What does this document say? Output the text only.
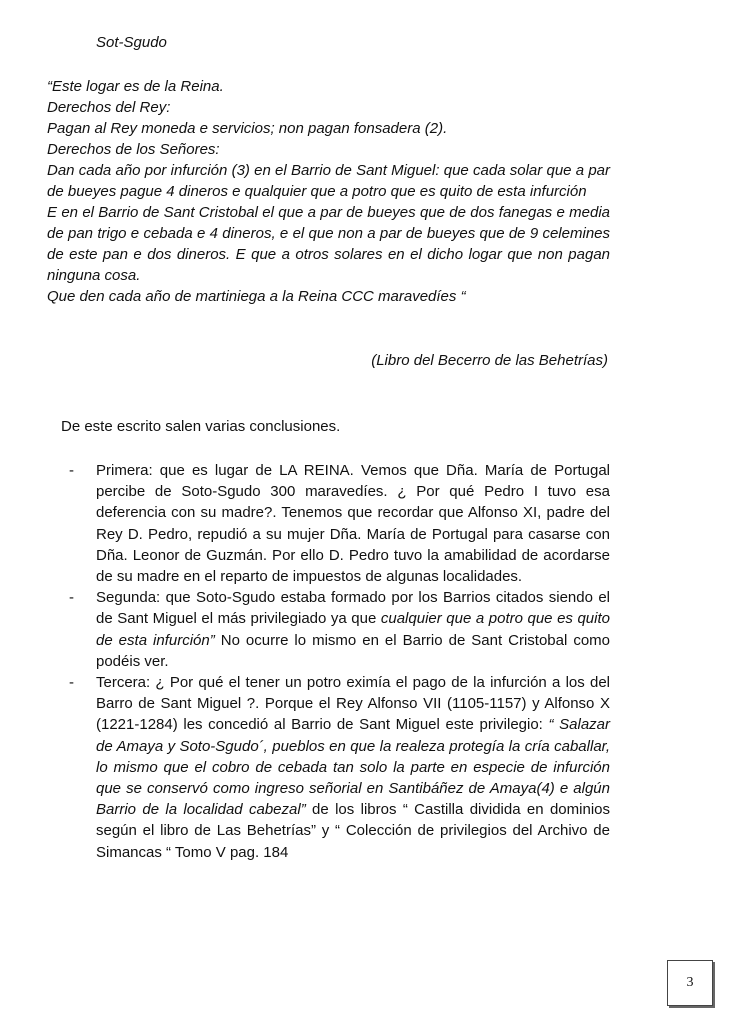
Sot-Sgudo

“Este logar es de la Reina.

Derechos del Rey:

Pagan al Rey moneda e servicios; non pagan fonsadera (2).

Derechos de los Señores:

Dan cada año por infurción (3) en el Barrio de Sant Miguel: que cada solar que a par de bueyes pague 4 dineros e qualquier que a potro que es quito de esta infurción

E en el Barrio de Sant Cristobal el que a par de bueyes que de dos fanegas e media de pan trigo e cebada e 4 dineros, e el que non a par de bueyes que de 9 celemines de este pan e dos dineros. E que a otros solares en el dicho logar que non pagan ninguna cosa.

Que den cada año de martiniega a la Reina CCC maravedíes “

(Libro del Becerro de las Behetrías)
De este escrito salen varias conclusiones.
- Primera: que es lugar de LA REINA. Vemos que Dña. María de Portugal percibe de Soto-Sgudo 300 maravedíes. ¿ Por qué Pedro I tuvo esa deferencia con su madre?. Tenemos que recordar que Alfonso XI, padre del Rey D. Pedro, repudió a su mujer Dña. María de Portugal para casarse con Dña. Leonor de Guzmán. Por ello D. Pedro tuvo la amabilidad de acordarse de su madre en el reparto de impuestos de algunas localidades.
- Segunda: que Soto-Sgudo estaba formado por los Barrios citados siendo el de Sant Miguel el más privilegiado ya que cualquier que a potro que es quito de esta infurción” No ocurre lo mismo en el Barrio de Sant Cristobal como podéis ver.
- Tercera: ¿ Por qué el tener un potro eximía el pago de la infurción a los del Barro de Sant Miguel ?. Porque el Rey Alfonso VII (1105-1157) y Alfonso X (1221-1284) les concedió al Barrio de Sant Miguel este privilegio: “ Salazar de Amaya y Soto-Sgudo´, pueblos en que la realeza protegía la cría caballar, lo mismo que el cobro de cebada tan solo la parte en especie de infurción que se conservó como ingreso señorial en Santibáñez de Amaya(4) e algún Barrio de la localidad cabezal” de los libros “ Castilla dividida en dominios según el libro de Las Behetrías” y “ Colección de privilegios del Archivo de Simancas “ Tomo V pag. 184
3
